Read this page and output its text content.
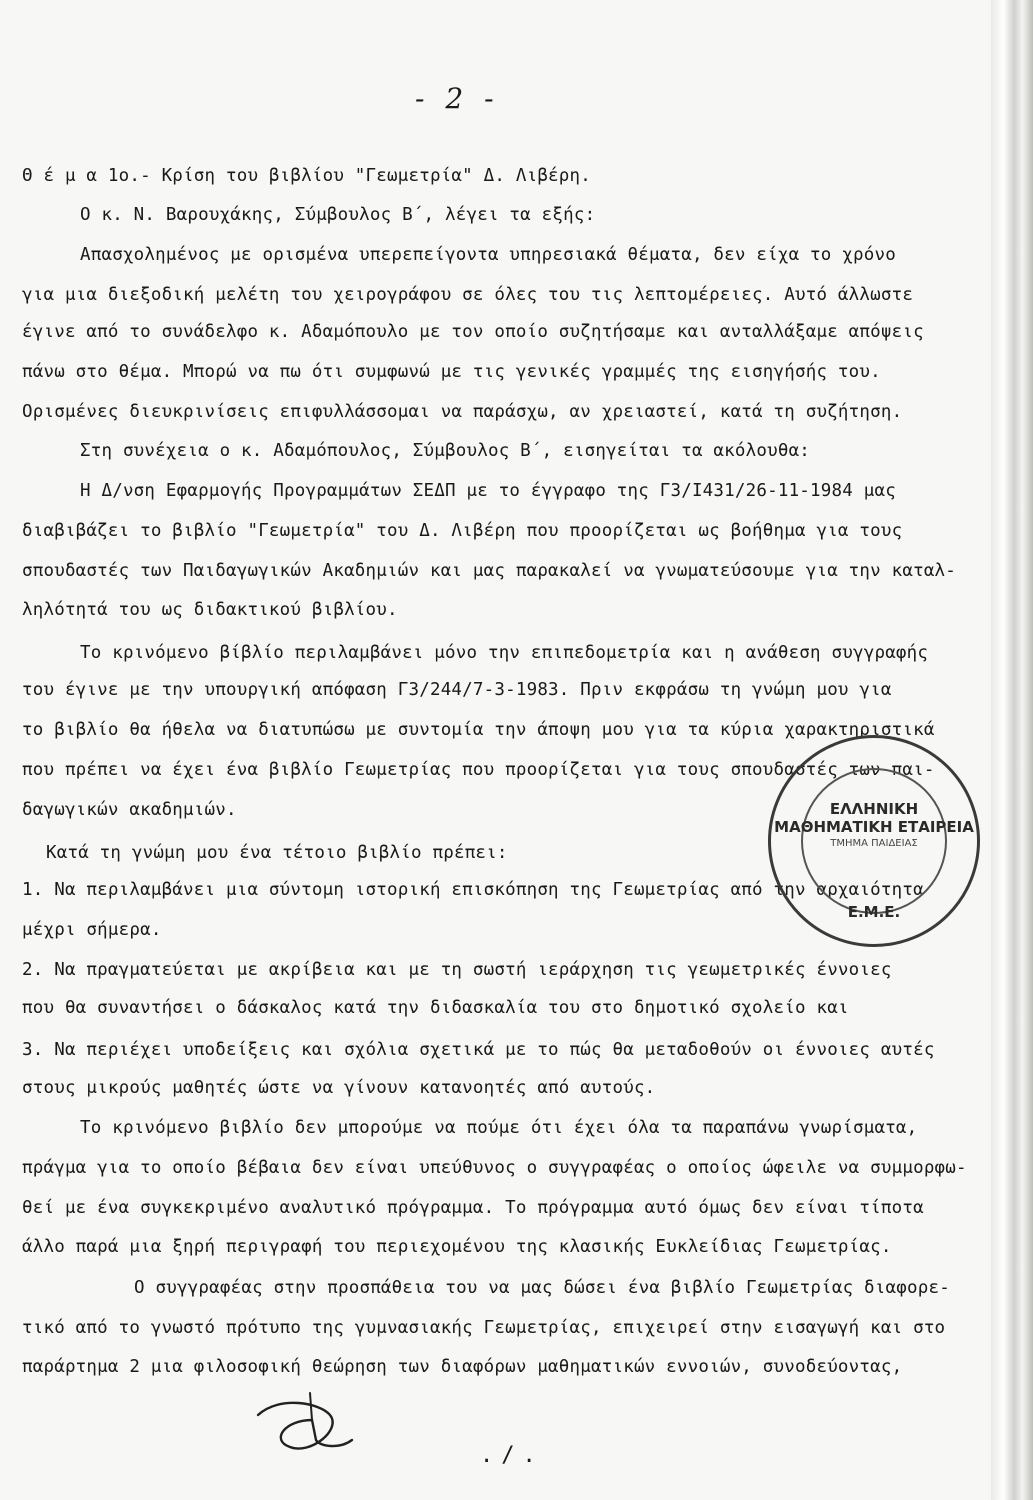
- 2 -
Θ έ μ α 1ο.- Κρίση του βιβλίου "Γεωμετρία" Δ. Λιβέρη.
Ο κ. Ν. Βαρουχάκης, Σύμβουλος Β΄, λέγει τα εξής:
Απασχολημένος με ορισμένα υπερεπείγοντα υπηρεσιακά θέματα, δεν είχα το χρόνο
για μια διεξοδική μελέτη του χειρογράφου σε όλες του τις λεπτομέρειες. Αυτό άλλωστε
έγινε από το συνάδελφο κ. Αδαμόπουλο με τον οποίο συζητήσαμε και ανταλλάξαμε απόψεις
πάνω στο θέμα. Μπορώ να πω ότι συμφωνώ με τις γενικές γραμμές της εισηγήσής του.
Ορισμένες διευκρινίσεις επιφυλλάσσομαι να παράσχω, αν χρειαστεί, κατά τη συζήτηση.
Στη συνέχεια ο κ. Αδαμόπουλος, Σύμβουλος Β΄, εισηγείται τα ακόλουθα:
Η Δ/νση Εφαρμογής Προγραμμάτων ΣΕΔΠ με το έγγραφο της Γ3/Ι431/26-11-1984 μας
διαβιβάζει το βιβλίο "Γεωμετρία" του Δ. Λιβέρη που προορίζεται ως βοήθημα για τους
σπουδαστές των Παιδαγωγικών Ακαδημιών και μας παρακαλεί να γνωματεύσουμε για την καταλ-
ληλότητά του ως διδακτικού βιβλίου.
Το κρινόμενο βίβλίο περιλαμβάνει μόνο την επιπεδομετρία και η ανάθεση συγγραφής
του έγινε με την υπουργική απόφαση Γ3/244/7-3-1983. Πριν εκφράσω τη γνώμη μου για
το βιβλίο θα ήθελα να διατυπώσω με συντομία την άποψη μου για τα κύρια χαρακτηριστικά
που πρέπει να έχει ένα βιβλίο Γεωμετρίας που προορίζεται για τους σπουδαστές των παι-
δαγωγικών ακαδημιών.
Κατά τη γνώμη μου ένα τέτοιο βιβλίο πρέπει:
1. Να περιλαμβάνει μια σύντομη ιστορική επισκόπηση της Γεωμετρίας από την αρχαιότητα
μέχρι σήμερα.
2. Να πραγματεύεται με ακρίβεια και με τη σωστή ιεράρχηση τις γεωμετρικές έννοιες
που θα συναντήσει ο δάσκαλος κατά την διδασκαλία του στο δημοτικό σχολείο και
3. Να περιέχει υποδείξεις και σχόλια σχετικά με το πώς θα μεταδοθούν οι έννοιες αυτές
στους μικρούς μαθητές ώστε να γίνουν κατανοητές από αυτούς.
Το κρινόμενο βιβλίο δεν μπορούμε να πούμε ότι έχει όλα τα παραπάνω γνωρίσματα,
πράγμα για το οποίο βέβαια δεν είναι υπεύθυνος ο συγγραφέας ο οποίος ώφειλε να συμμορφω-
θεί με ένα συγκεκριμένο αναλυτικό πρόγραμμα. Το πρόγραμμα αυτό όμως δεν είναι τίποτα
άλλο παρά μια ξηρή περιγραφή του περιεχομένου της κλασικής Ευκλείδιας Γεωμετρίας.
Ο συγγραφέας στην προσπάθεια του να μας δώσει ένα βιβλίο Γεωμετρίας διαφορε-
τικό από το γνωστό πρότυπο της γυμνασιακής Γεωμετρίας, επιχειρεί στην εισαγωγή και στο
παράρτημα 2 μια φιλοσοφική θεώρηση των διαφόρων μαθηματικών εννοιών, συνοδεύοντας,
ΕΛΛΗΝΙΚΗ ΜΑΘΗΜΑΤΙΚΗ ΕΤΑΙΡΕΙΑ
ΤΜΗΜΑ ΠΑΙΔΕΙΑΣ
Ε.Μ.Ε.
./.
